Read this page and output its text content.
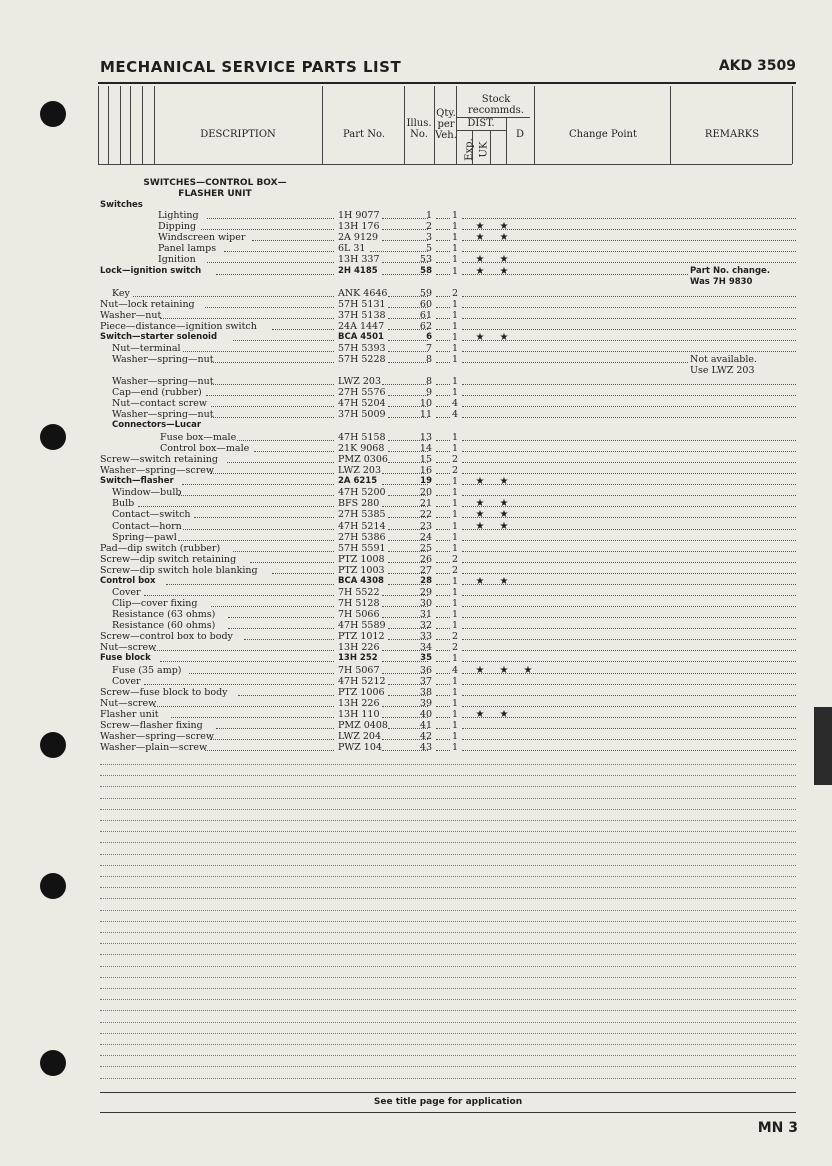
MECHANICAL SERVICE PARTS LIST	AKD 3509
DESCRIPTION	Part No.
Illus.
No.
Qty.
per
Veh.
Stock
recommds.
DIST.
Exp. UK
D	Change Point	REMARKS
SWITCHES—CONTROL BOX—
FLASHER UNIT
Switches
Lighting	1H 9077	1 1
Dipping	13H 176	2 1 ★ ★
Windscreen wiper	2A 9129	3 1 ★ ★
Panel lamps	6L 31	5 1
Ignition	13H 337	53 1 ★ ★
Lock—ignition switch	2H 4185	58 1 ★ ★	Part No. change.
Was 7H 9830
Key	ANK 4646	59 2
Nut—lock retaining	57H 5131	60 1
Washer—nut	37H 5138	61 1
Piece—distance—ignition switch	24A 1447	62 1
Switch—starter solenoid	BCA 4501	6 1 ★ ★
Nut—terminal	57H 5393	7 1
Washer—spring—nut	57H 5228	8 1	Not available.
Use LWZ 203
Washer—spring—nut	LWZ 203	8 1
Cap—end (rubber)	27H 5576	9 1
Nut—contact screw	47H 5204	10 4
Washer—spring—nut	37H 5009	11 4
Connectors—Lucar
Fuse box—male	47H 5158	13 1
Control box—male	21K 9068	14 1
Screw—switch retaining	PMZ 0306	15 2
Washer—spring—screw	LWZ 203	16 2
Switch—flasher	2A 6215	19 1 ★ ★
Window—bulb	47H 5200	20 1
Bulb	BFS 280	21 1 ★ ★
Contact—switch	27H 5385	22 1 ★ ★
Contact—horn	47H 5214	23 1 ★ ★
Spring—pawl	27H 5386	24 1
Pad—dip switch (rubber)	57H 5591	25 1
Screw—dip switch retaining	PTZ 1008	26 2
Screw—dip switch hole blanking	PTZ 1003	27 2
Control box	BCA 4308	28 1 ★ ★
Cover	7H 5522	29 1
Clip—cover fixing	7H 5128	30 1
Resistance (63 ohms)	7H 5066	31 1
Resistance (60 ohms)	47H 5589	32 1
Screw—control box to body	PTZ 1012	33 2
Nut—screw	13H 226	34 2
Fuse block	13H 252	35 1
Fuse (35 amp)	7H 5067	36 4 ★ ★ ★
Cover	47H 5212	37 1
Screw—fuse block to body	PTZ 1006	38 1
Nut—screw	13H 226	39 1
Flasher unit	13H 110	40 1 ★ ★
Screw—flasher fixing	PMZ 0408	41 1
Washer—spring—screw	LWZ 204	42 1
Washer—plain—screw	PWZ 104	43 1
See title page for application
MN 3
